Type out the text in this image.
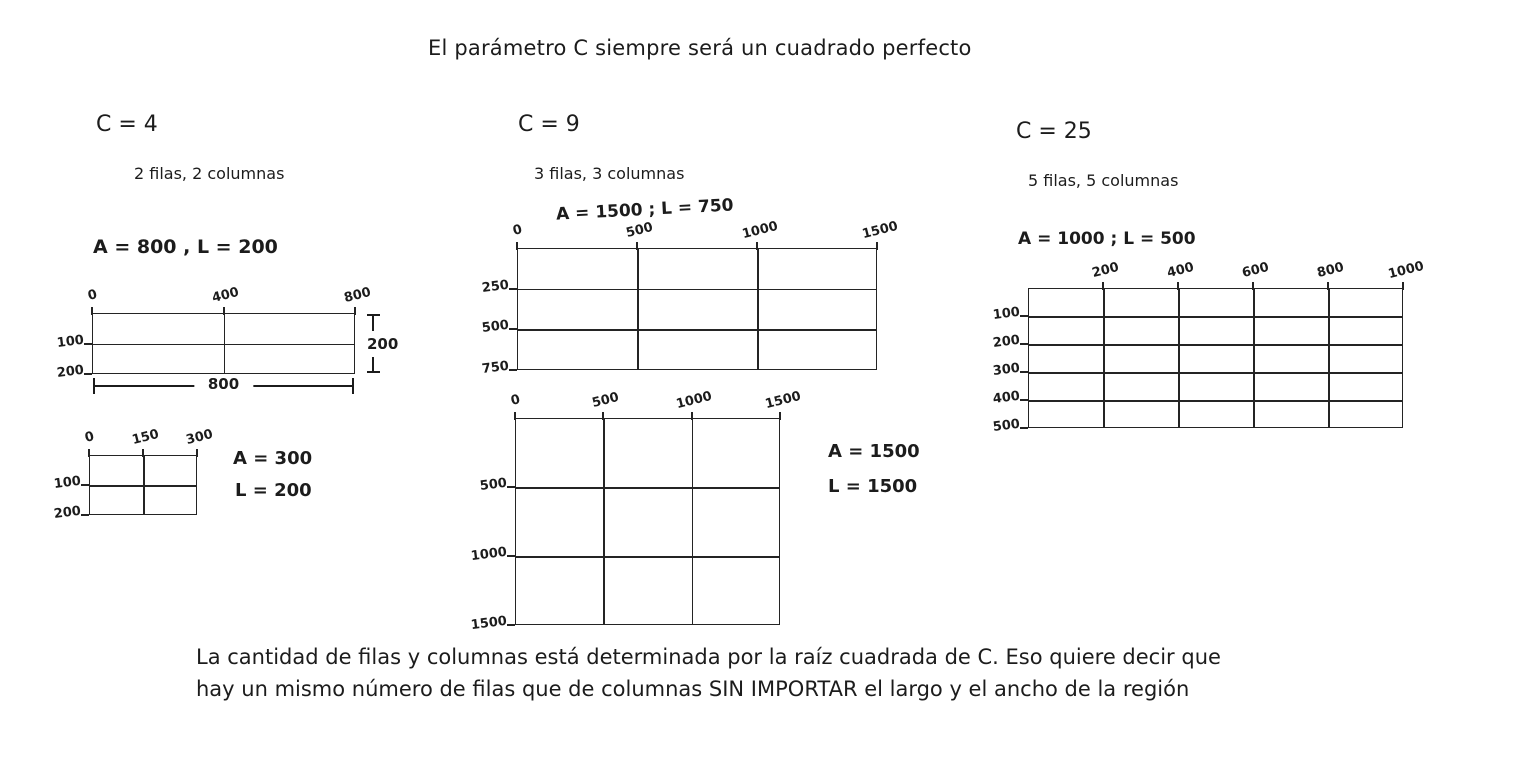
El parámetro C siempre será un cuadrado perfecto
C = 4
2 filas, 2 columnas
A = 800 , L = 200
0	400	800
100
200
800
200
0	150 300
100
200
A = 300
L = 200
C = 9
3 filas, 3 columnas
A = 1500 ; L = 750
0	500	1000	1500
250
500
750
0	500	1000	1500
500
1000
1500
A = 1500
L = 1500
C = 25
5 filas, 5 columnas
A = 1000 ; L = 500
200	400	600	800	1000
100
200
300
400
500
La cantidad de filas y columnas está determinada por la raíz cuadrada de C. Eso quiere decir que
hay un mismo número de filas que de columnas SIN IMPORTAR el largo y el ancho de la región
